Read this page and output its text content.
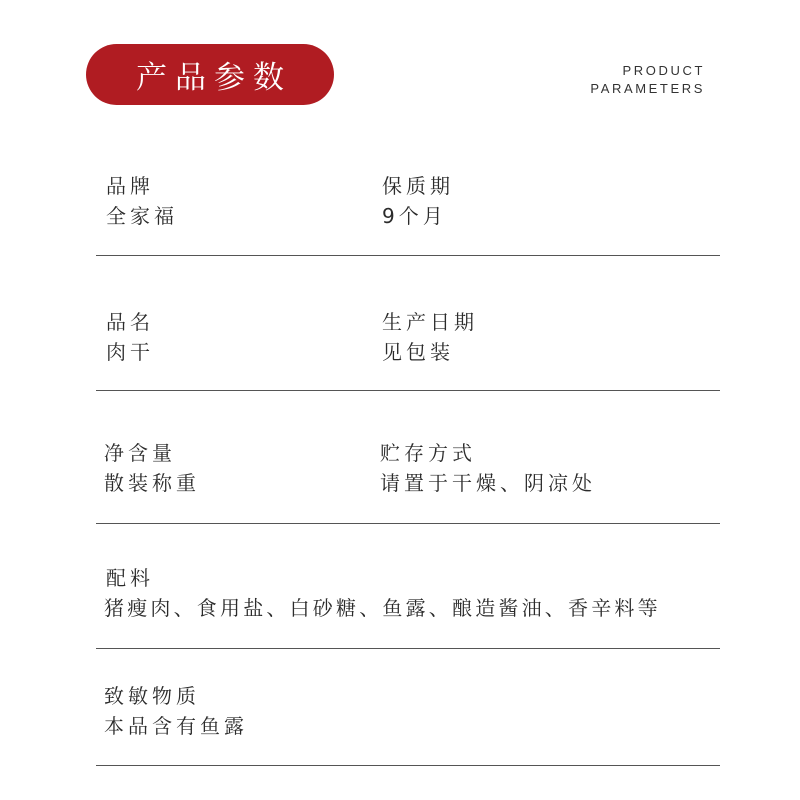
产品参数	PRODUCT
PARAMETERS
品牌
全家福
保质期
9个月
品名
肉干
生产日期
见包装
净含量
散装称重
贮存方式
请置于干燥、阴凉处
配料
猪瘦肉、食用盐、白砂糖、鱼露、酿造酱油、香辛料等
致敏物质
本品含有鱼露
